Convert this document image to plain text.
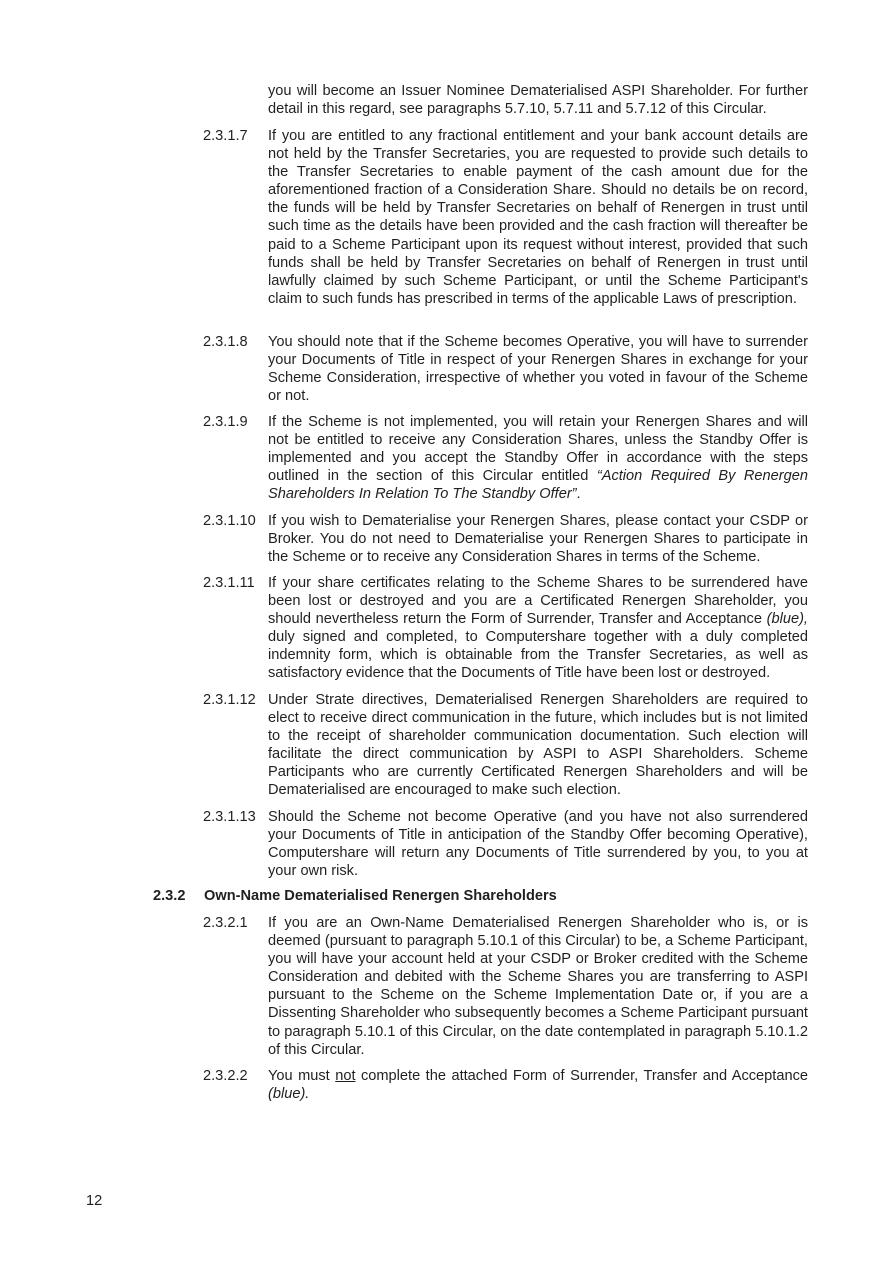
you will become an Issuer Nominee Dematerialised ASPI Shareholder. For further detail in this regard, see paragraphs 5.7.10, 5.7.11 and 5.7.12 of this Circular.
2.3.1.7 If you are entitled to any fractional entitlement and your bank account details are not held by the Transfer Secretaries, you are requested to provide such details to the Transfer Secretaries to enable payment of the cash amount due for the aforementioned fraction of a Consideration Share. Should no details be on record, the funds will be held by Transfer Secretaries on behalf of Renergen in trust until such time as the details have been provided and the cash fraction will thereafter be paid to a Scheme Participant upon its request without interest, provided that such funds shall be held by Transfer Secretaries on behalf of Renergen in trust until lawfully claimed by such Scheme Participant, or until the Scheme Participant's claim to such funds has prescribed in terms of the applicable Laws of prescription.
2.3.1.8 You should note that if the Scheme becomes Operative, you will have to surrender your Documents of Title in respect of your Renergen Shares in exchange for your Scheme Consideration, irrespective of whether you voted in favour of the Scheme or not.
2.3.1.9 If the Scheme is not implemented, you will retain your Renergen Shares and will not be entitled to receive any Consideration Shares, unless the Standby Offer is implemented and you accept the Standby Offer in accordance with the steps outlined in the section of this Circular entitled “Action Required By Renergen Shareholders In Relation To The Standby Offer”.
2.3.1.10 If you wish to Dematerialise your Renergen Shares, please contact your CSDP or Broker. You do not need to Dematerialise your Renergen Shares to participate in the Scheme or to receive any Consideration Shares in terms of the Scheme.
2.3.1.11 If your share certificates relating to the Scheme Shares to be surrendered have been lost or destroyed and you are a Certificated Renergen Shareholder, you should nevertheless return the Form of Surrender, Transfer and Acceptance (blue), duly signed and completed, to Computershare together with a duly completed indemnity form, which is obtainable from the Transfer Secretaries, as well as satisfactory evidence that the Documents of Title have been lost or destroyed.
2.3.1.12 Under Strate directives, Dematerialised Renergen Shareholders are required to elect to receive direct communication in the future, which includes but is not limited to the receipt of shareholder communication documentation. Such election will facilitate the direct communication by ASPI to ASPI Shareholders. Scheme Participants who are currently Certificated Renergen Shareholders and will be Dematerialised are encouraged to make such election.
2.3.1.13 Should the Scheme not become Operative (and you have not also surrendered your Documents of Title in anticipation of the Standby Offer becoming Operative), Computershare will return any Documents of Title surrendered by you, to you at your own risk.
2.3.2 Own-Name Dematerialised Renergen Shareholders
2.3.2.1 If you are an Own-Name Dematerialised Renergen Shareholder who is, or is deemed (pursuant to paragraph 5.10.1 of this Circular) to be, a Scheme Participant, you will have your account held at your CSDP or Broker credited with the Scheme Consideration and debited with the Scheme Shares you are transferring to ASPI pursuant to the Scheme on the Scheme Implementation Date or, if you are a Dissenting Shareholder who subsequently becomes a Scheme Participant pursuant to paragraph 5.10.1 of this Circular, on the date contemplated in paragraph 5.10.1.2 of this Circular.
2.3.2.2 You must not complete the attached Form of Surrender, Transfer and Acceptance (blue).
12
